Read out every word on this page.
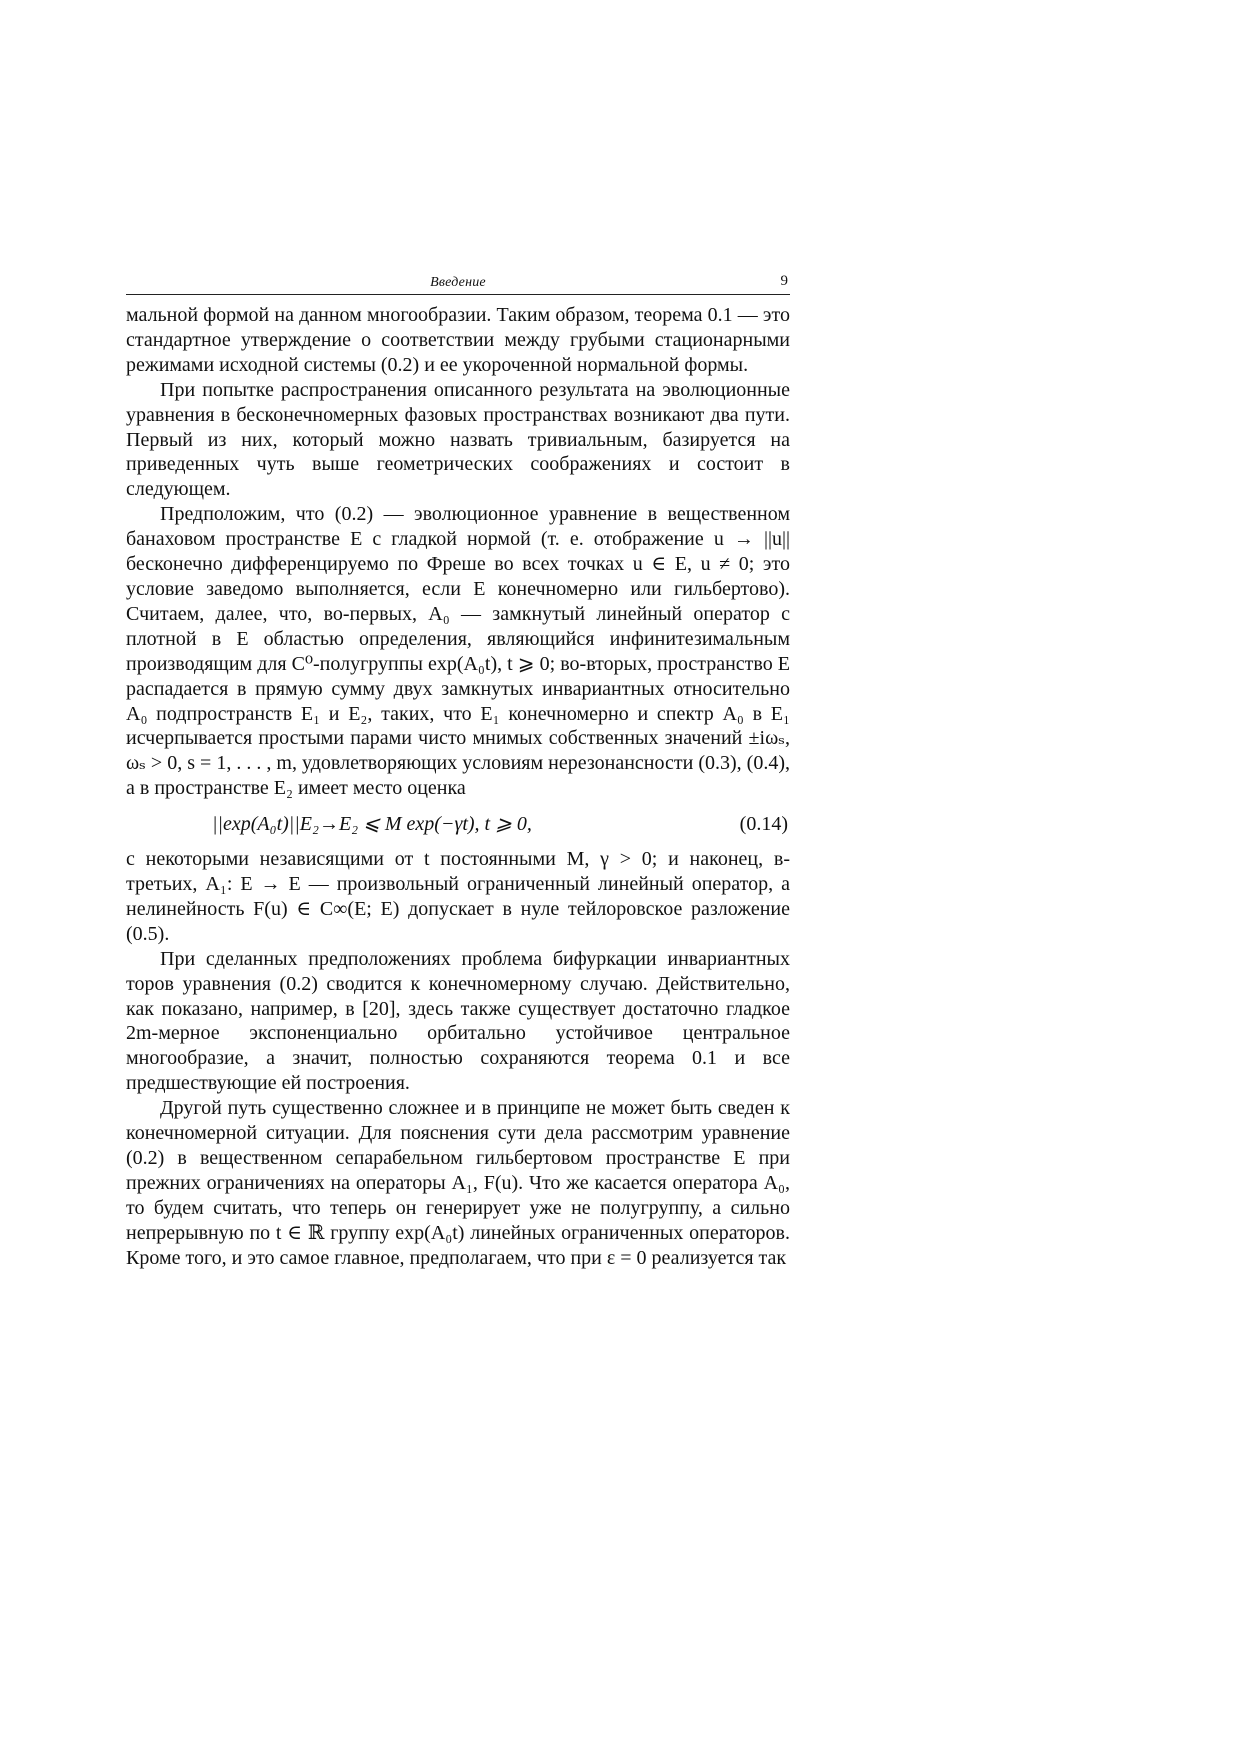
Введение	9

мальной формой на данном многообразии. Таким образом, теорема 0.1 — это стандартное утверждение о соответствии между грубыми стационарными режимами исходной системы (0.2) и ее укороченной нормальной формы.

При попытке распространения описанного результата на эволюционные уравнения в бесконечномерных фазовых пространствах возникают два пути. Первый из них, который можно назвать тривиальным, базируется на приведенных чуть выше геометрических соображениях и состоит в следующем.

Предположим, что (0.2) — эволюционное уравнение в вещественном банаховом пространстве E с гладкой нормой (т. е. отображение u → ||u|| бесконечно дифференцируемо по Фреше во всех точках u ∈ E, u ≠ 0; это условие заведомо выполняется, если E конечномерно или гильбертово). Считаем, далее, что, во-первых, A₀ — замкнутый линейный оператор с плотной в E областью определения, являющийся инфинитезимальным производящим для C⁰-полугруппы exp(A₀t), t ⩾ 0; во-вторых, пространство E распадается в прямую сумму двух замкнутых инвариантных относительно A₀ подпространств E₁ и E₂, таких, что E₁ конечномерно и спектр A₀ в E₁ исчерпывается простыми парами чисто мнимых собственных значений ±iωₛ, ωₛ > 0, s = 1, . . . , m, удовлетворяющих условиям нерезонансности (0.3), (0.4), а в пространстве E₂ имеет место оценка

||exp(A₀t)||E₂→E₂ ⩽ M exp(−γt), t ⩾ 0,	(0.14)

с некоторыми независящими от t постоянными M, γ > 0; и наконец, в-третьих, A₁: E → E — произвольный ограниченный линейный оператор, а нелинейность F(u) ∈ C∞(E; E) допускает в нуле тейлоровское разложение (0.5).

При сделанных предположениях проблема бифуркации инвариантных торов уравнения (0.2) сводится к конечномерному случаю. Действительно, как показано, например, в [20], здесь также существует достаточно гладкое 2m-мерное экспоненциально орбитально устойчивое центральное многообразие, а значит, полностью сохраняются теорема 0.1 и все предшествующие ей построения.

Другой путь существенно сложнее и в принципе не может быть сведен к конечномерной ситуации. Для пояснения сути дела рассмотрим уравнение (0.2) в вещественном сепарабельном гильбертовом пространстве E при прежних ограничениях на операторы A₁, F(u). Что же касается оператора A₀, то будем считать, что теперь он генерирует уже не полугруппу, а сильно непрерывную по t ∈ ℝ группу exp(A₀t) линейных ограниченных операторов. Кроме того, и это самое главное, предполагаем, что при ε = 0 реализуется так
